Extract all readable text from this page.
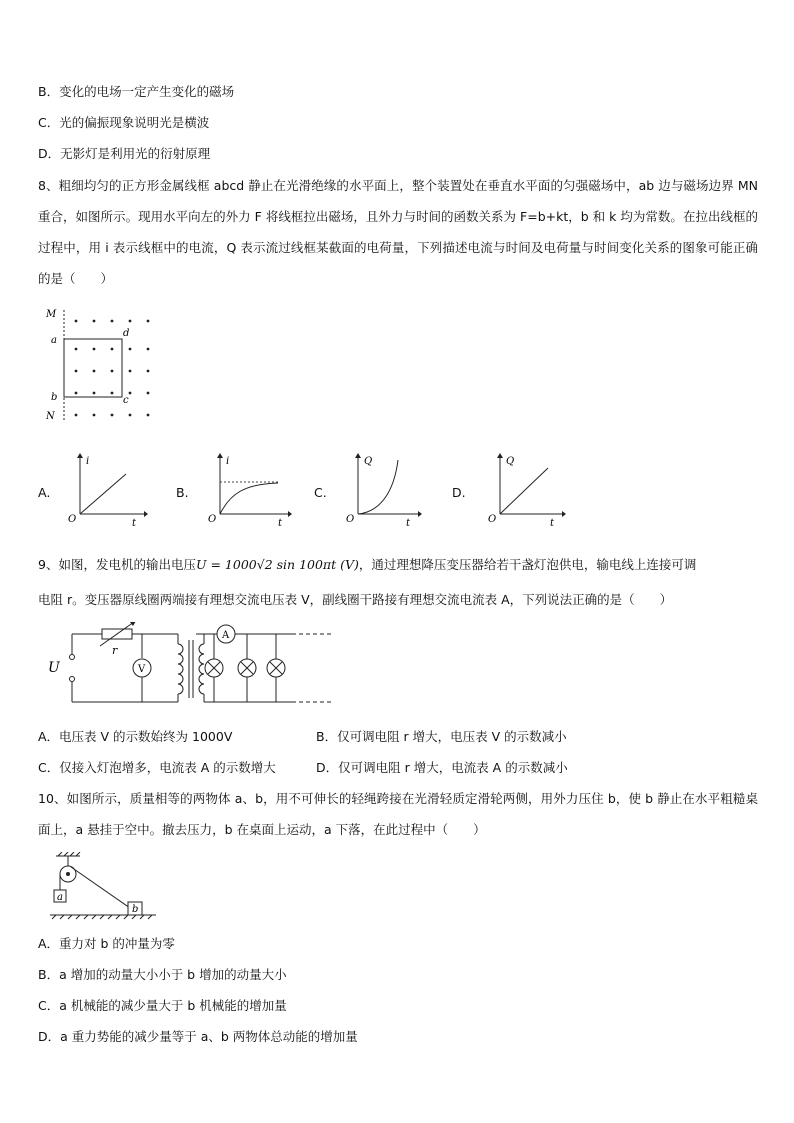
B．变化的电场一定产生变化的磁场
C．光的偏振现象说明光是横波
D．无影灯是利用光的衍射原理
8、粗细均匀的正方形金属线框 abcd 静止在光滑绝缘的水平面上，整个装置处在垂直水平面的匀强磁场中，ab 边与磁场边界 MN 重合，如图所示。现用水平向左的外力 F 将线框拉出磁场，且外力与时间的函数关系为 F=b+kt，b 和 k 均为常数。在拉出线框的过程中，用 i 表示线框中的电流，Q 表示流过线框某截面的电荷量，下列描述电流与时间及电荷量与时间变化关系的图象可能正确的是（　　）
M
a
b
N
d
c
A.
i
O	t
B.
i
O	t
C.
Q
O	t
D.
Q
O	t
9、如图，发电机的输出电压U = 1000√2 sin 100πt (V)，通过理想降压变压器给若干盏灯泡供电，输电线上连接可调
电阻 r。变压器原线圈两端接有理想交流电压表 V，副线圈干路接有理想交流电流表 A，下列说法正确的是（　　）
U
r
V
A
A．电压表 V 的示数始终为 1000V	B．仅可调电阻 r 增大，电压表 V 的示数减小
C．仅接入灯泡增多，电流表 A 的示数增大	D．仅可调电阻 r 增大，电流表 A 的示数减小
10、如图所示，质量相等的两物体 a、b，用不可伸长的轻绳跨接在光滑轻质定滑轮两侧，用外力压住 b，使 b 静止在水平粗糙桌面上，a 悬挂于空中。撤去压力，b 在桌面上运动，a 下落，在此过程中（　　）
a
b
A．重力对 b 的冲量为零
B．a 增加的动量大小小于 b 增加的动量大小
C．a 机械能的减少量大于 b 机械能的增加量
D．a 重力势能的减少量等于 a、b 两物体总动能的增加量
